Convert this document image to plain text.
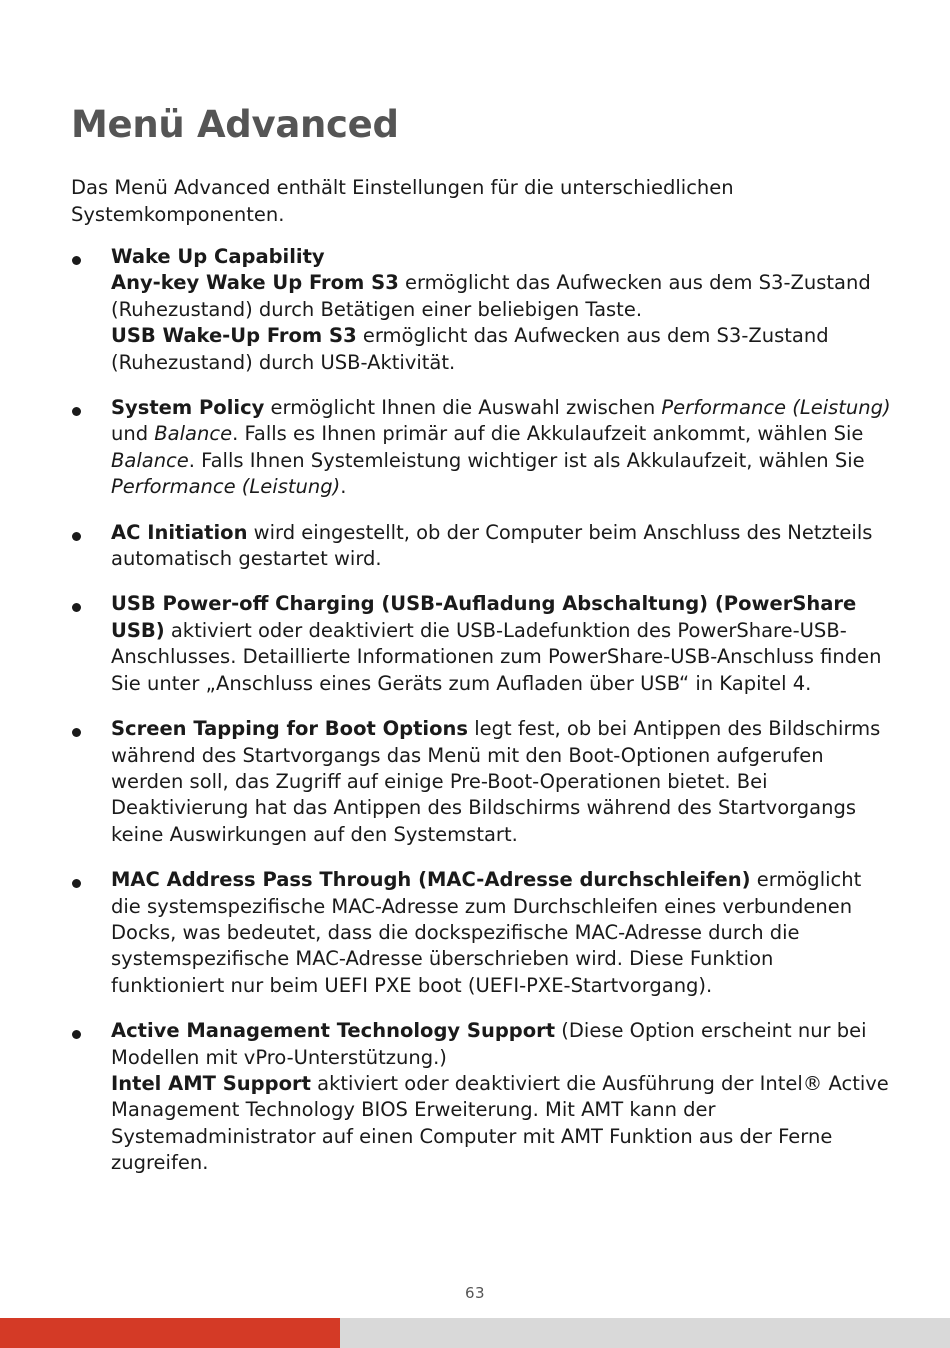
Menü Advanced

Das Menü Advanced enthält Einstellungen für die unterschiedlichen Systemkomponenten.

Wake Up Capability
Any-key Wake Up From S3 ermöglicht das Aufwecken aus dem S3-Zustand (Ruhezustand) durch Betätigen einer beliebigen Taste.
USB Wake-Up From S3 ermöglicht das Aufwecken aus dem S3-Zustand (Ruhezustand) durch USB-Aktivität.
System Policy ermöglicht Ihnen die Auswahl zwischen Performance (Leistung) und Balance. Falls es Ihnen primär auf die Akkulaufzeit ankommt, wählen Sie Balance. Falls Ihnen Systemleistung wichtiger ist als Akkulaufzeit, wählen Sie Performance (Leistung).
AC Initiation wird eingestellt, ob der Computer beim Anschluss des Netzteils automatisch gestartet wird.
USB Power-off Charging (USB-Aufladung Abschaltung) (PowerShare USB) aktiviert oder deaktiviert die USB-Ladefunktion des PowerShare-USB-Anschlusses. Detaillierte Informationen zum PowerShare-USB-Anschluss finden Sie unter „Anschluss eines Geräts zum Aufladen über USB“ in Kapitel 4.
Screen Tapping for Boot Options legt fest, ob bei Antippen des Bildschirms während des Startvorgangs das Menü mit den Boot-Optionen aufgerufen werden soll, das Zugriff auf einige Pre-Boot-Operationen bietet. Bei Deaktivierung hat das Antippen des Bildschirms während des Startvorgangs keine Auswirkungen auf den Systemstart.
MAC Address Pass Through (MAC-Adresse durchschleifen) ermöglicht die systemspezifische MAC-Adresse zum Durchschleifen eines verbundenen Docks, was bedeutet, dass die dockspezifische MAC-Adresse durch die systemspezifische MAC-Adresse überschrieben wird. Diese Funktion funktioniert nur beim UEFI PXE boot (UEFI-PXE-Startvorgang).
Active Management Technology Support (Diese Option erscheint nur bei Modellen mit vPro-Unterstützung.)
Intel AMT Support aktiviert oder deaktiviert die Ausführung der Intel® Active Management Technology BIOS Erweiterung. Mit AMT kann der Systemadministrator auf einen Computer mit AMT Funktion aus der Ferne zugreifen.
63
